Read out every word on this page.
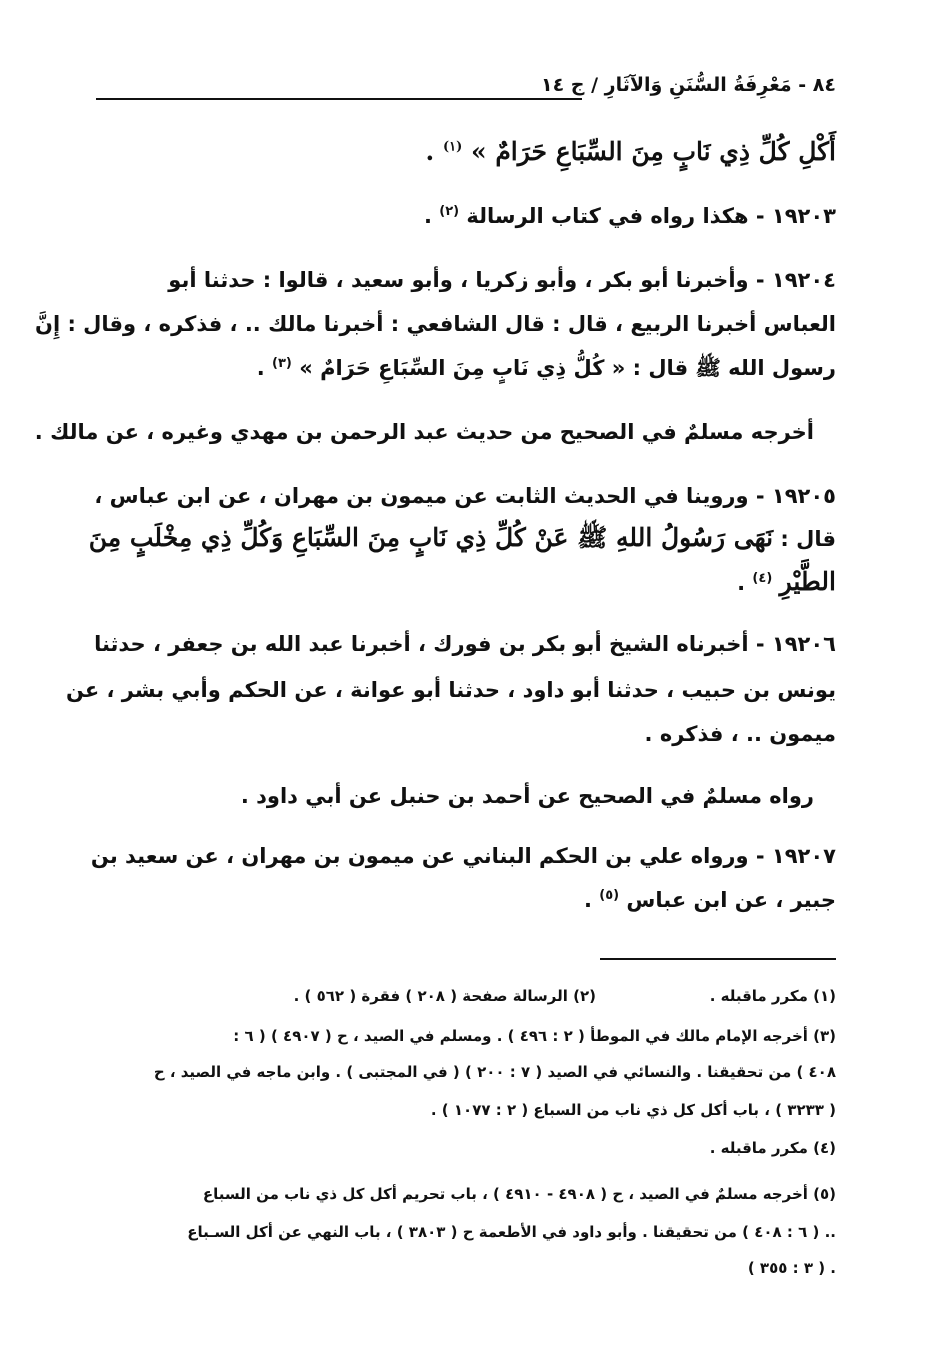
٨٤ - مَعْرِفَةُ السُّنَنِ وَالآثَارِ / ج ١٤
أَكْلِ كُلِّ ذِي نَابٍ مِنَ السِّبَاعِ حَرَامٌ » $^{(١)}$ .
١٩٢٠٣ - هكذا رواه في كتاب الرسالة $^{(٢)}$ .
١٩٢٠٤ - وأخبرنا أبو بكر ، وأبو زكريا ، وأبو سعيد ، قالوا : حدثنا أبو
العباس أخبرنا الربيع ، قال : قال الشافعي : أخبرنا مالك .. ، فذكره ، وقال : إِنَّ
رسول الله ﷺ قال : « كُلُّ ذِي نَابٍ مِنَ السِّبَاعِ حَرَامٌ » $^{(٣)}$ .
أخرجه مسلمٌ في الصحيح من حديث عبد الرحمن بن مهدي وغيره ، عن مالك .
١٩٢٠٥ - وروينا في الحديث الثابت عن ميمون بن مهران ، عن ابن عباس ،
قال : نَهَى رَسُولُ اللهِ ﷺ عَنْ كُلِّ ذِي نَابٍ مِنَ السِّبَاعِ وَكُلِّ ذِي مِخْلَبٍ مِنَ
الطَّيْرِ $^{(٤)}$ .
١٩٢٠٦ - أخبرناه الشيخ أبو بكر بن فورك ، أخبرنا عبد الله بن جعفر ، حدثنا
يونس بن حبيب ، حدثنا أبو داود ، حدثنا أبو عوانة ، عن الحكم وأبي بشر ، عن
ميمون .. ، فذكره .
رواه مسلمٌ في الصحيح عن أحمد بن حنبل عن أبي داود .
١٩٢٠٧ - ورواه علي بن الحكم البناني عن ميمون بن مهران ، عن سعيد بن
جبير ، عن ابن عباس $^{(٥)}$ .
(١) مكرر ماقبله .
(٢) الرسالة صفحة ( ٢٠٨ ) فقرة ( ٥٦٢ ) .
(٣) أخرجه الإمام مالك في الموطأ ( ٢ : ٤٩٦ ) . ومسلم في الصيد ، ح ( ٤٩٠٧ ) ( ٦ :
٤٠٨ ) من تحقيقنا . والنسائي في الصيد ( ٧ : ٢٠٠ ) ( في المجتبى ) . وابن ماجه في الصيد ، ح
( ٣٢٣٣ ) ، باب أكل كل ذي ناب من السباع ( ٢ : ١٠٧٧ ) .
(٤) مكرر ماقبله .
(٥) أخرجه مسلمٌ في الصيد ، ح ( ٤٩٠٨ - ٤٩١٠ ) ، باب تحريم أكل كل ذي ناب من السباع
.. ( ٦ : ٤٠٨ ) من تحقيقنا . وأبو داود في الأطعمة ح ( ٣٨٠٣ ) ، باب النهي عن أكل السـباع
. ( ٣ : ٣٥٥ )
